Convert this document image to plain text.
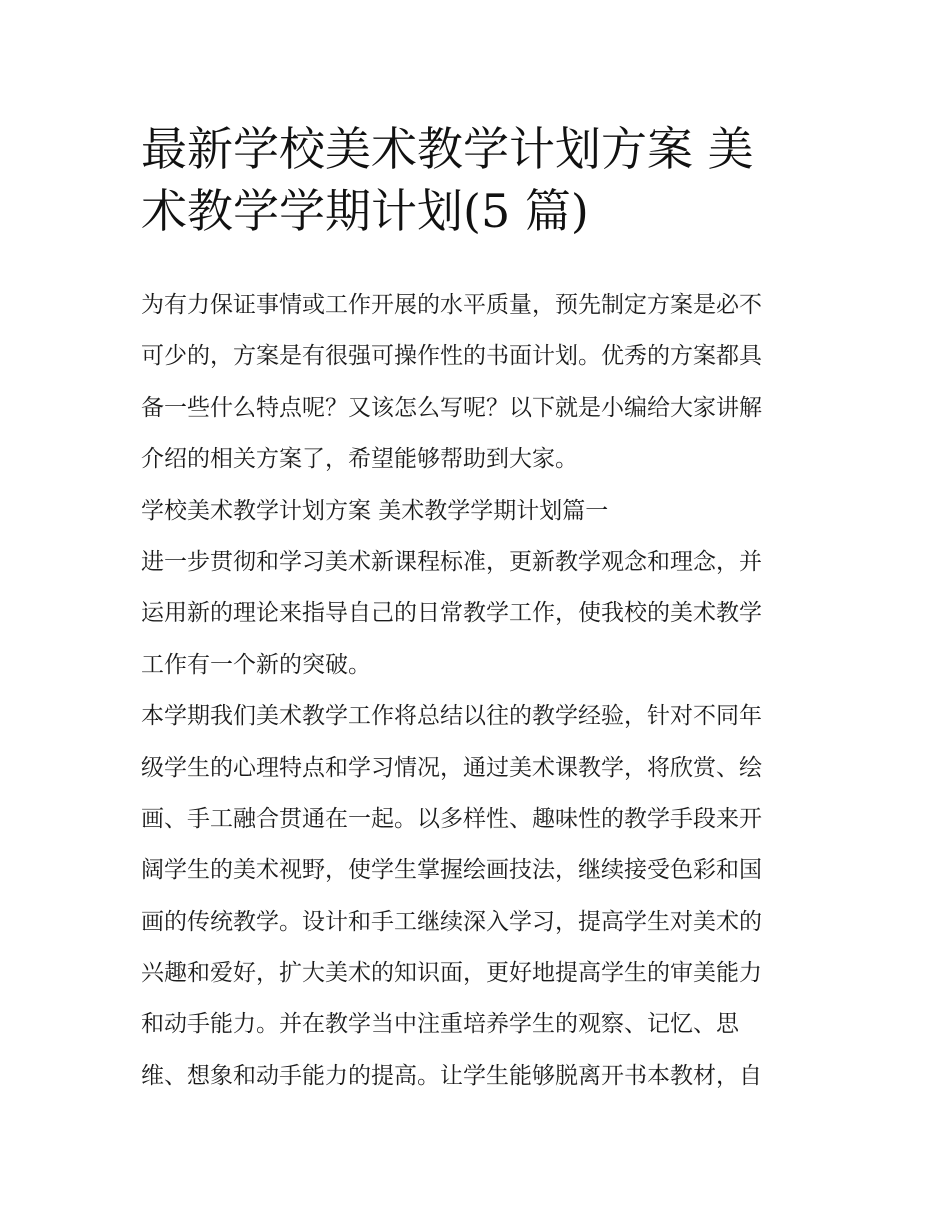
最新学校美术教学计划方案 美
术教学学期计划(5 篇)
为有力保证事情或工作开展的水平质量，预先制定方案是必不
可少的，方案是有很强可操作性的书面计划。优秀的方案都具
备一些什么特点呢？又该怎么写呢？以下就是小编给大家讲解
介绍的相关方案了，希望能够帮助到大家。
学校美术教学计划方案 美术教学学期计划篇一
进一步贯彻和学习美术新课程标准，更新教学观念和理念，并
运用新的理论来指导自己的日常教学工作，使我校的美术教学
工作有一个新的突破。
本学期我们美术教学工作将总结以往的教学经验，针对不同年
级学生的心理特点和学习情况，通过美术课教学，将欣赏、绘
画、手工融合贯通在一起。以多样性、趣味性的教学手段来开
阔学生的美术视野，使学生掌握绘画技法，继续接受色彩和国
画的传统教学。设计和手工继续深入学习，提高学生对美术的
兴趣和爱好，扩大美术的知识面，更好地提高学生的审美能力
和动手能力。并在教学当中注重培养学生的观察、记忆、思
维、想象和动手能力的提高。让学生能够脱离开书本教材，自
